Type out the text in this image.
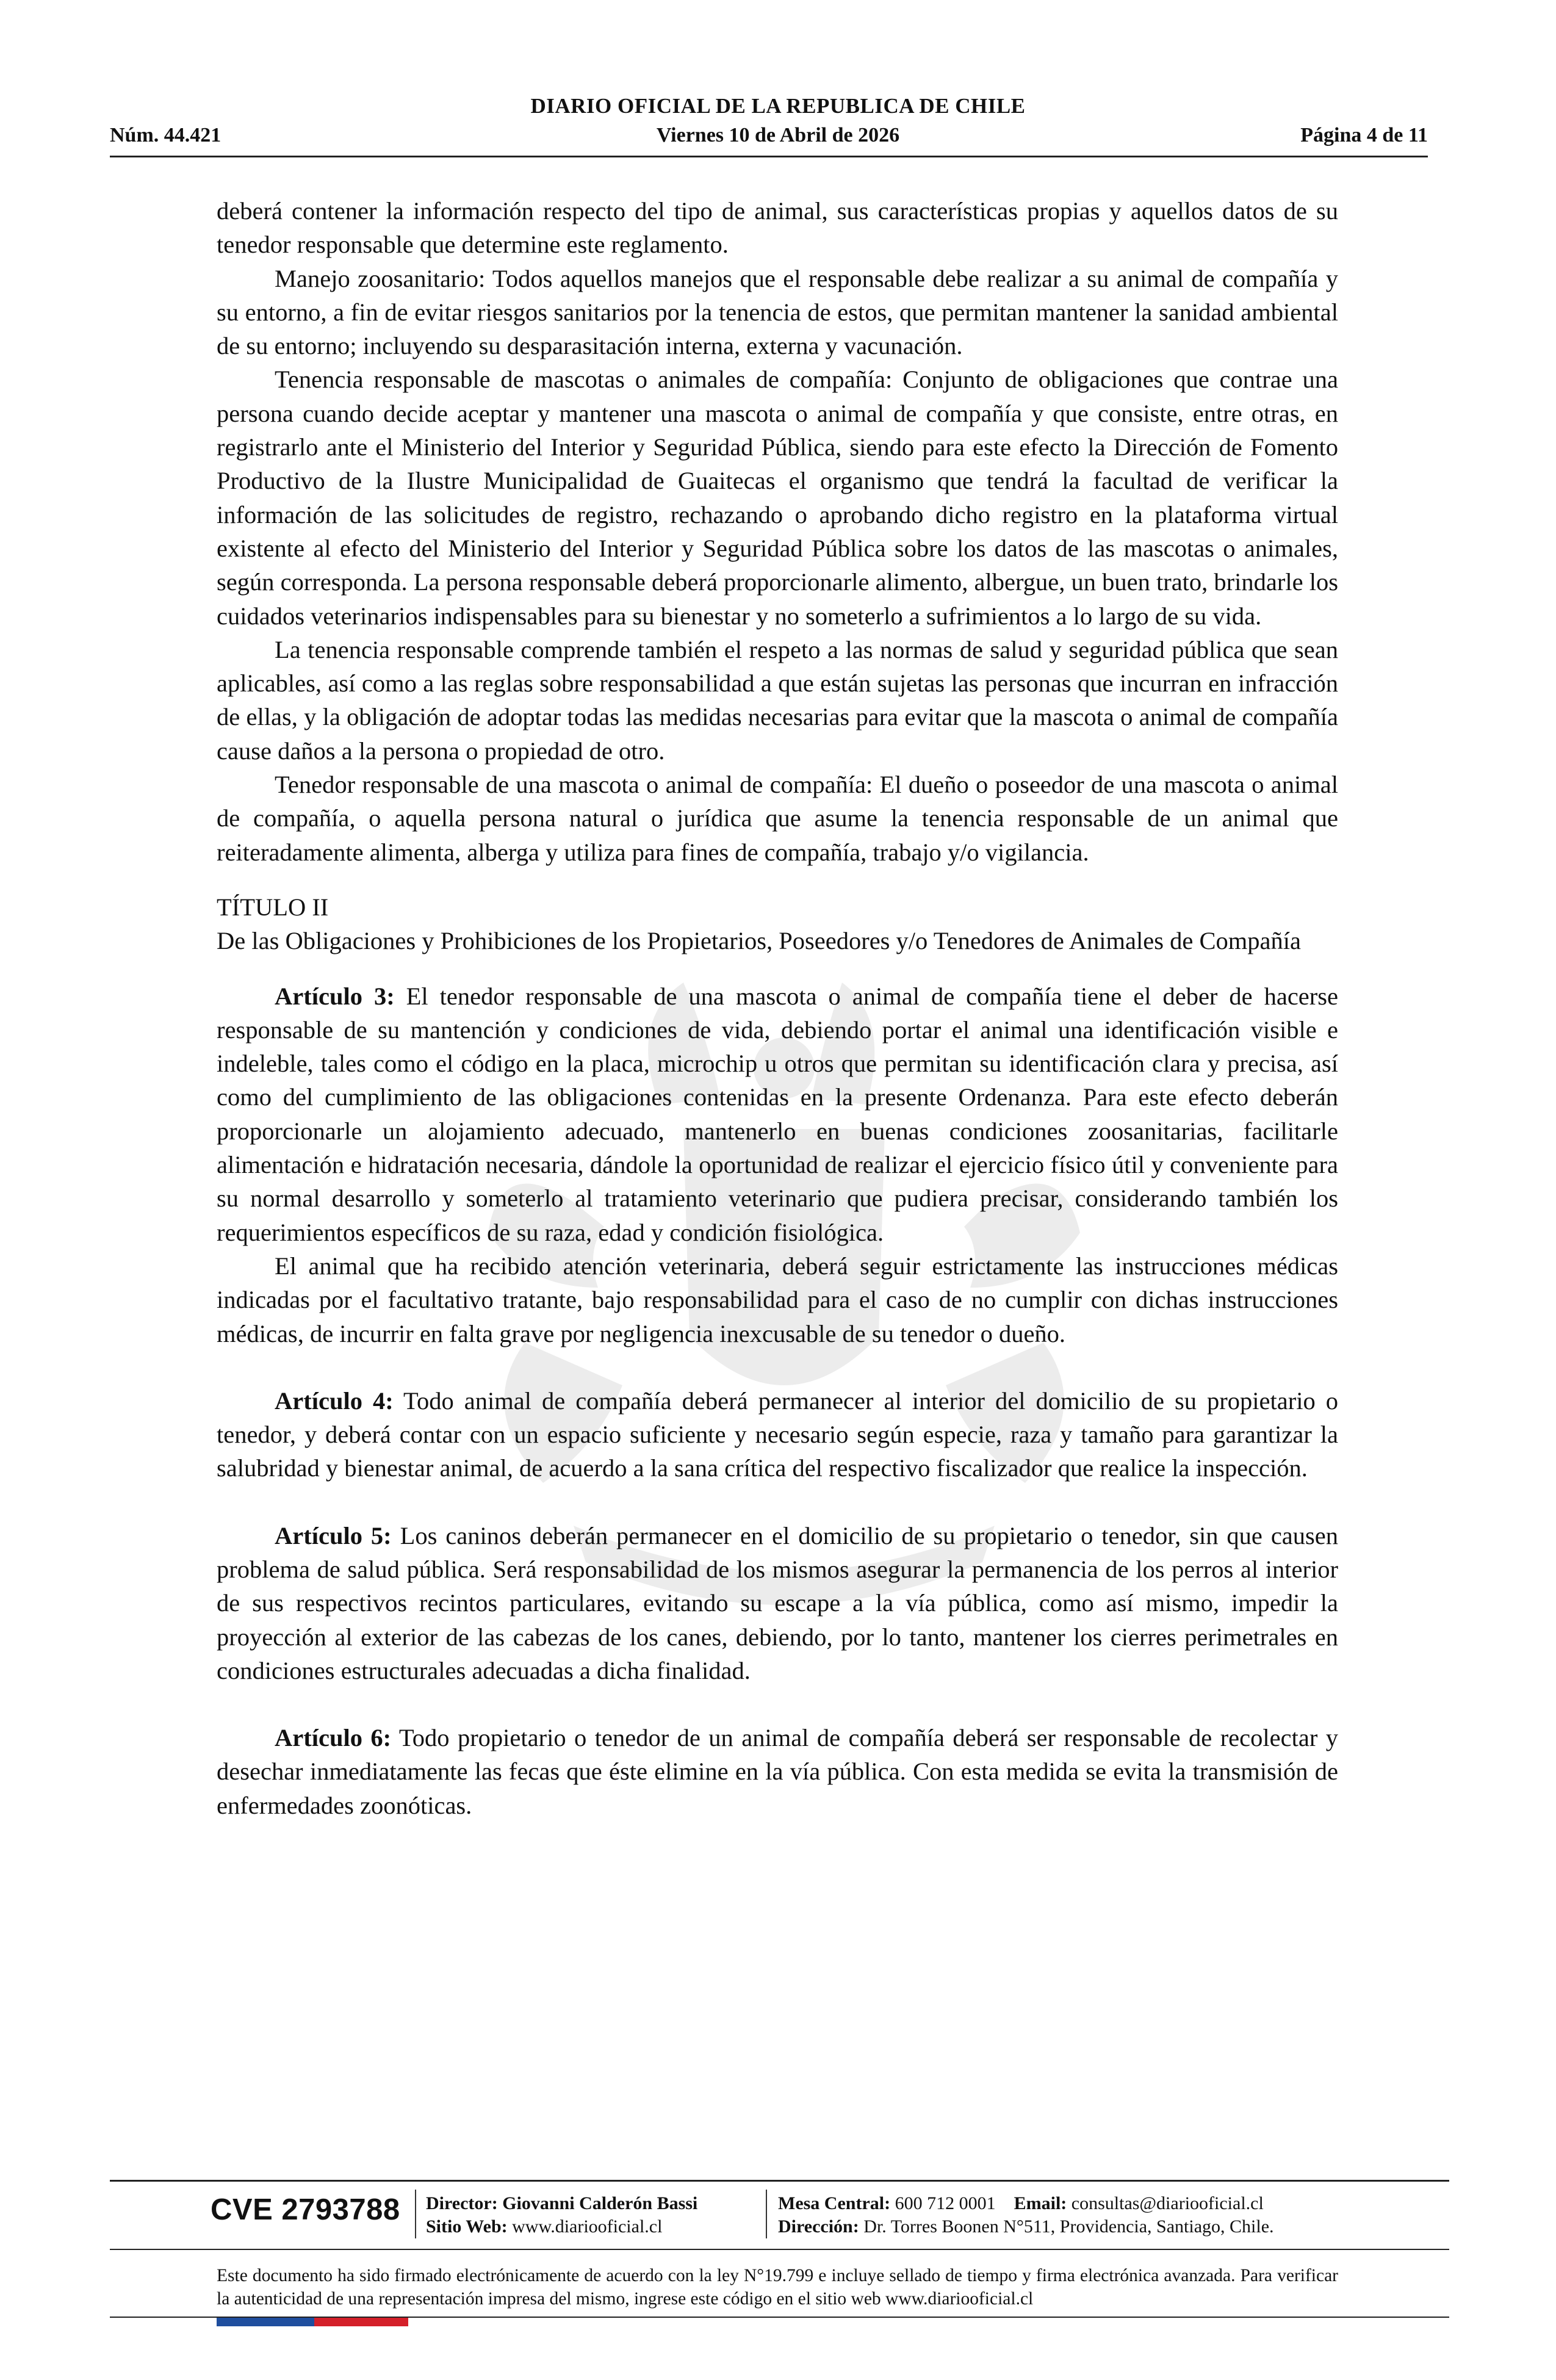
DIARIO OFICIAL DE LA REPUBLICA DE CHILE
Núm. 44.421	Viernes 10 de Abril de 2026	Página 4 de 11

deberá contener la información respecto del tipo de animal, sus características propias y aquellos datos de su tenedor responsable que determine este reglamento.

Manejo zoosanitario: Todos aquellos manejos que el responsable debe realizar a su animal de compañía y su entorno, a fin de evitar riesgos sanitarios por la tenencia de estos, que permitan mantener la sanidad ambiental de su entorno; incluyendo su desparasitación interna, externa y vacunación.

Tenencia responsable de mascotas o animales de compañía: Conjunto de obligaciones que contrae una persona cuando decide aceptar y mantener una mascota o animal de compañía y que consiste, entre otras, en registrarlo ante el Ministerio del Interior y Seguridad Pública, siendo para este efecto la Dirección de Fomento Productivo de la Ilustre Municipalidad de Guaitecas el organismo que tendrá la facultad de verificar la información de las solicitudes de registro, rechazando o aprobando dicho registro en la plataforma virtual existente al efecto del Ministerio del Interior y Seguridad Pública sobre los datos de las mascotas o animales, según corresponda. La persona responsable deberá proporcionarle alimento, albergue, un buen trato, brindarle los cuidados veterinarios indispensables para su bienestar y no someterlo a sufrimientos a lo largo de su vida.

La tenencia responsable comprende también el respeto a las normas de salud y seguridad pública que sean aplicables, así como a las reglas sobre responsabilidad a que están sujetas las personas que incurran en infracción de ellas, y la obligación de adoptar todas las medidas necesarias para evitar que la mascota o animal de compañía cause daños a la persona o propiedad de otro.

Tenedor responsable de una mascota o animal de compañía: El dueño o poseedor de una mascota o animal de compañía, o aquella persona natural o jurídica que asume la tenencia responsable de un animal que reiteradamente alimenta, alberga y utiliza para fines de compañía, trabajo y/o vigilancia.

TÍTULO II

De las Obligaciones y Prohibiciones de los Propietarios, Poseedores y/o Tenedores de Animales de Compañía

Artículo 3: El tenedor responsable de una mascota o animal de compañía tiene el deber de hacerse responsable de su mantención y condiciones de vida, debiendo portar el animal una identificación visible e indeleble, tales como el código en la placa, microchip u otros que permitan su identificación clara y precisa, así como del cumplimiento de las obligaciones contenidas en la presente Ordenanza. Para este efecto deberán proporcionarle un alojamiento adecuado, mantenerlo en buenas condiciones zoosanitarias, facilitarle alimentación e hidratación necesaria, dándole la oportunidad de realizar el ejercicio físico útil y conveniente para su normal desarrollo y someterlo al tratamiento veterinario que pudiera precisar, considerando también los requerimientos específicos de su raza, edad y condición fisiológica.

El animal que ha recibido atención veterinaria, deberá seguir estrictamente las instrucciones médicas indicadas por el facultativo tratante, bajo responsabilidad para el caso de no cumplir con dichas instrucciones médicas, de incurrir en falta grave por negligencia inexcusable de su tenedor o dueño.

Artículo 4: Todo animal de compañía deberá permanecer al interior del domicilio de su propietario o tenedor, y deberá contar con un espacio suficiente y necesario según especie, raza y tamaño para garantizar la salubridad y bienestar animal, de acuerdo a la sana crítica del respectivo fiscalizador que realice la inspección.

Artículo 5: Los caninos deberán permanecer en el domicilio de su propietario o tenedor, sin que causen problema de salud pública. Será responsabilidad de los mismos asegurar la permanencia de los perros al interior de sus respectivos recintos particulares, evitando su escape a la vía pública, como así mismo, impedir la proyección al exterior de las cabezas de los canes, debiendo, por lo tanto, mantener los cierres perimetrales en condiciones estructurales adecuadas a dicha finalidad.

Artículo 6: Todo propietario o tenedor de un animal de compañía deberá ser responsable de recolectar y desechar inmediatamente las fecas que éste elimine en la vía pública. Con esta medida se evita la transmisión de enfermedades zoonóticas.

CVE 2793788 Director: Giovanni Calderón Bassi
Sitio Web: www.diariooficial.cl
Mesa Central: 600 712 0001 Email: consultas@diariooficial.cl
Dirección: Dr. Torres Boonen N°511, Providencia, Santiago, Chile.

Este documento ha sido firmado electrónicamente de acuerdo con la ley N°19.799 e incluye sellado de tiempo y firma electrónica avanzada. Para verificar la autenticidad de una representación impresa del mismo, ingrese este código en el sitio web www.diariooficial.cl
